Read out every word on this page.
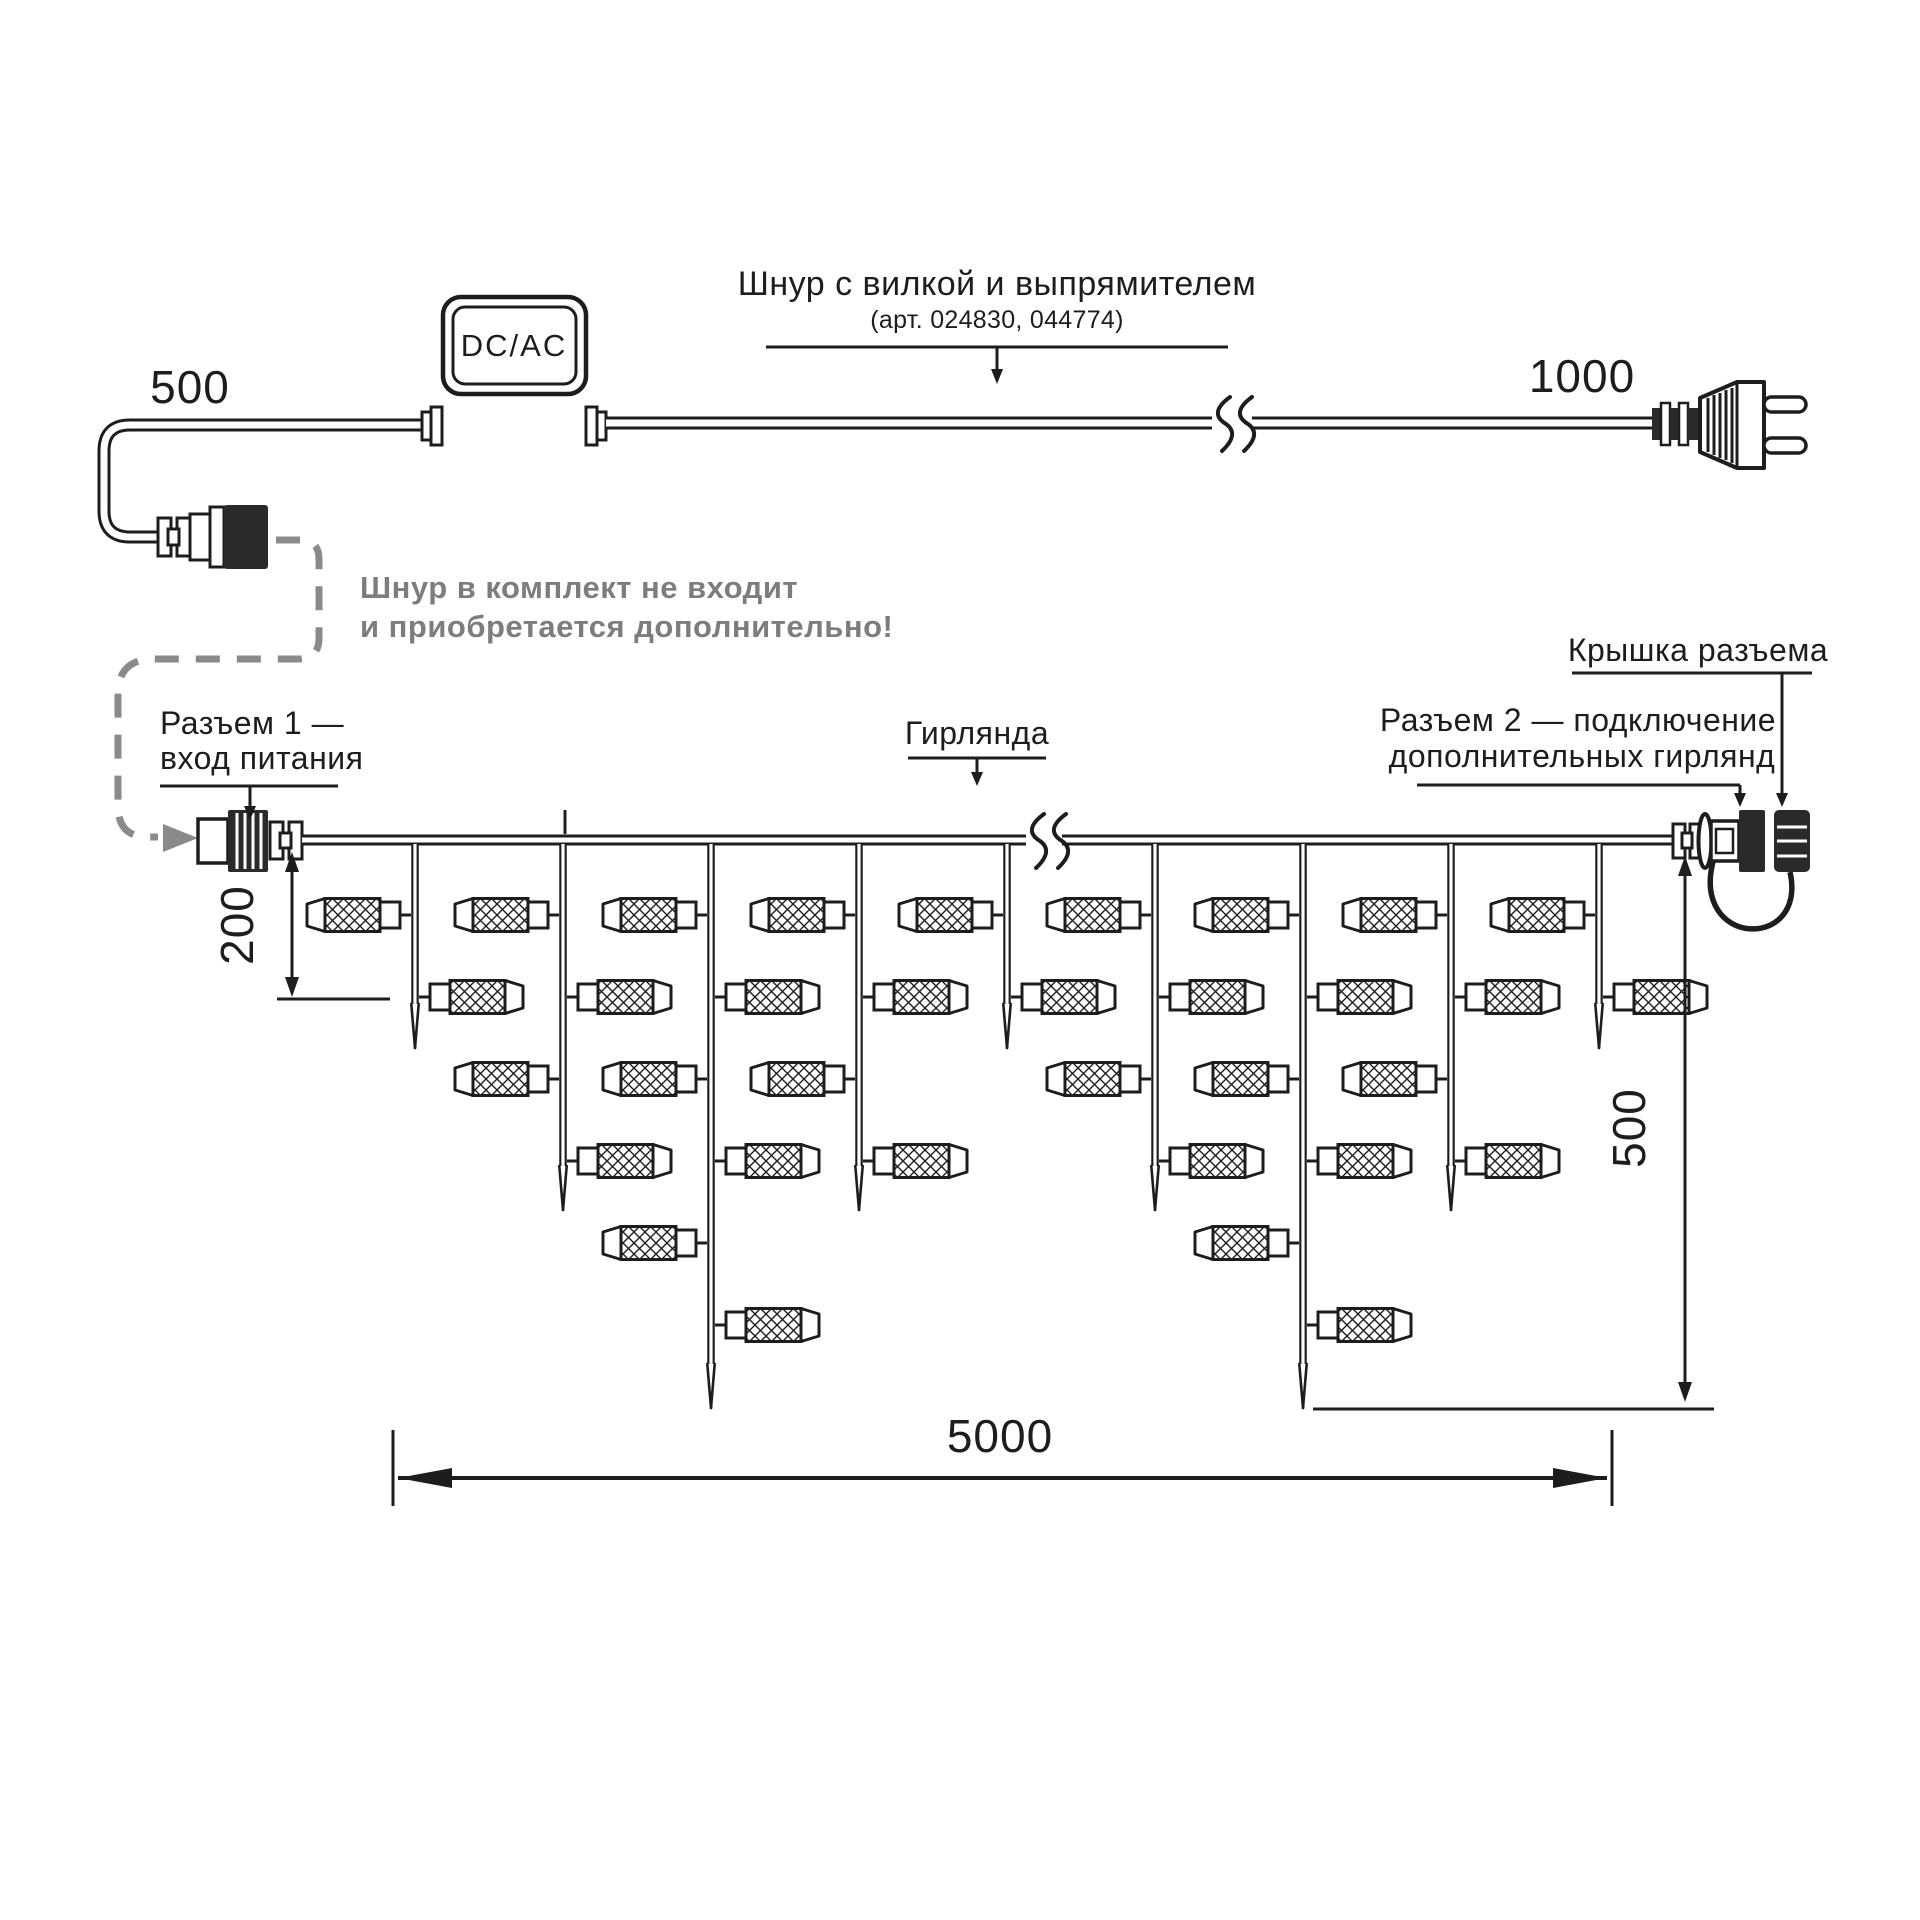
500
DC/AC
1000
Шнур с вилкой и выпрямителем
(арт. 024830, 044774)
Шнур в комплект не входит
и приобретается дополнительно!
Разъем 1 —
вход питания
Гирлянда	Разъем 2 — подключение
дополнительных гирлянд
Крышка разъема
200
500
5000
